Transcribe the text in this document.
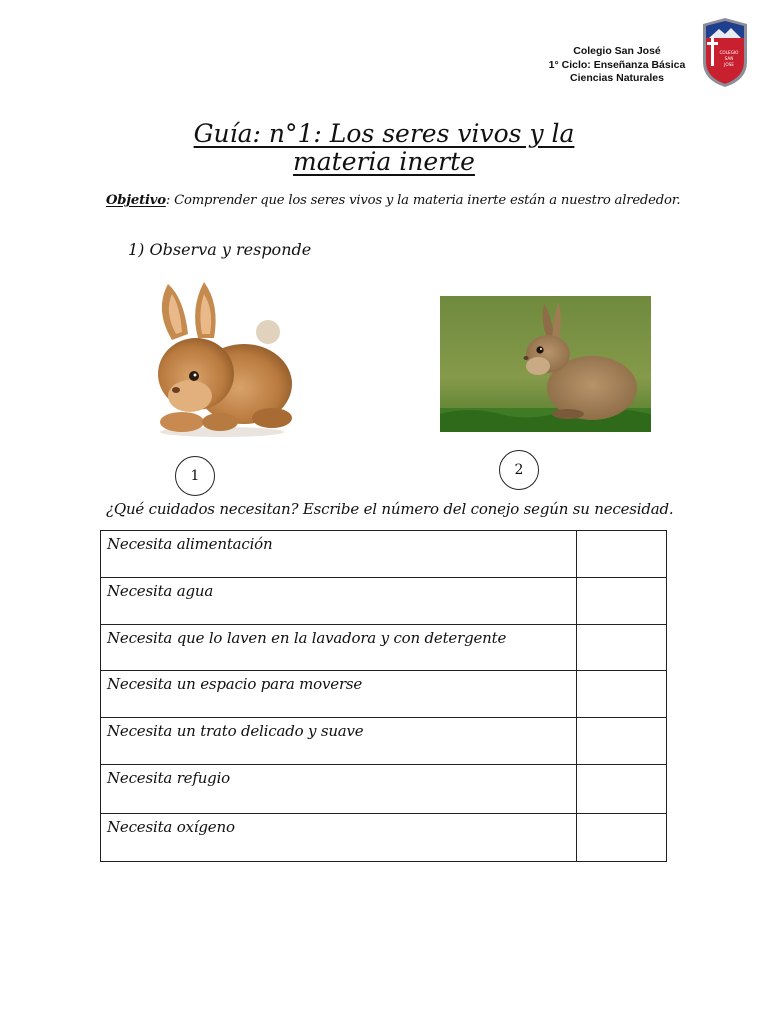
Colegio San José
1° Ciclo: Enseñanza Básica
Ciencias Naturales
COLEGIO
SAN
JOSE
Guía: n°1: Los seres vivos y la
materia inerte
Objetivo: Comprender que los seres vivos y la materia inerte están a nuestro alrededor.
1) Observa y responde
1	2
¿Qué cuidados necesitan? Escribe el número del conejo según su necesidad.
Necesita alimentación	
Necesita agua	
Necesita que lo laven en la lavadora y con detergente	
Necesita un espacio para moverse	
Necesita un trato delicado y suave	
Necesita refugio	
Necesita oxígeno	
